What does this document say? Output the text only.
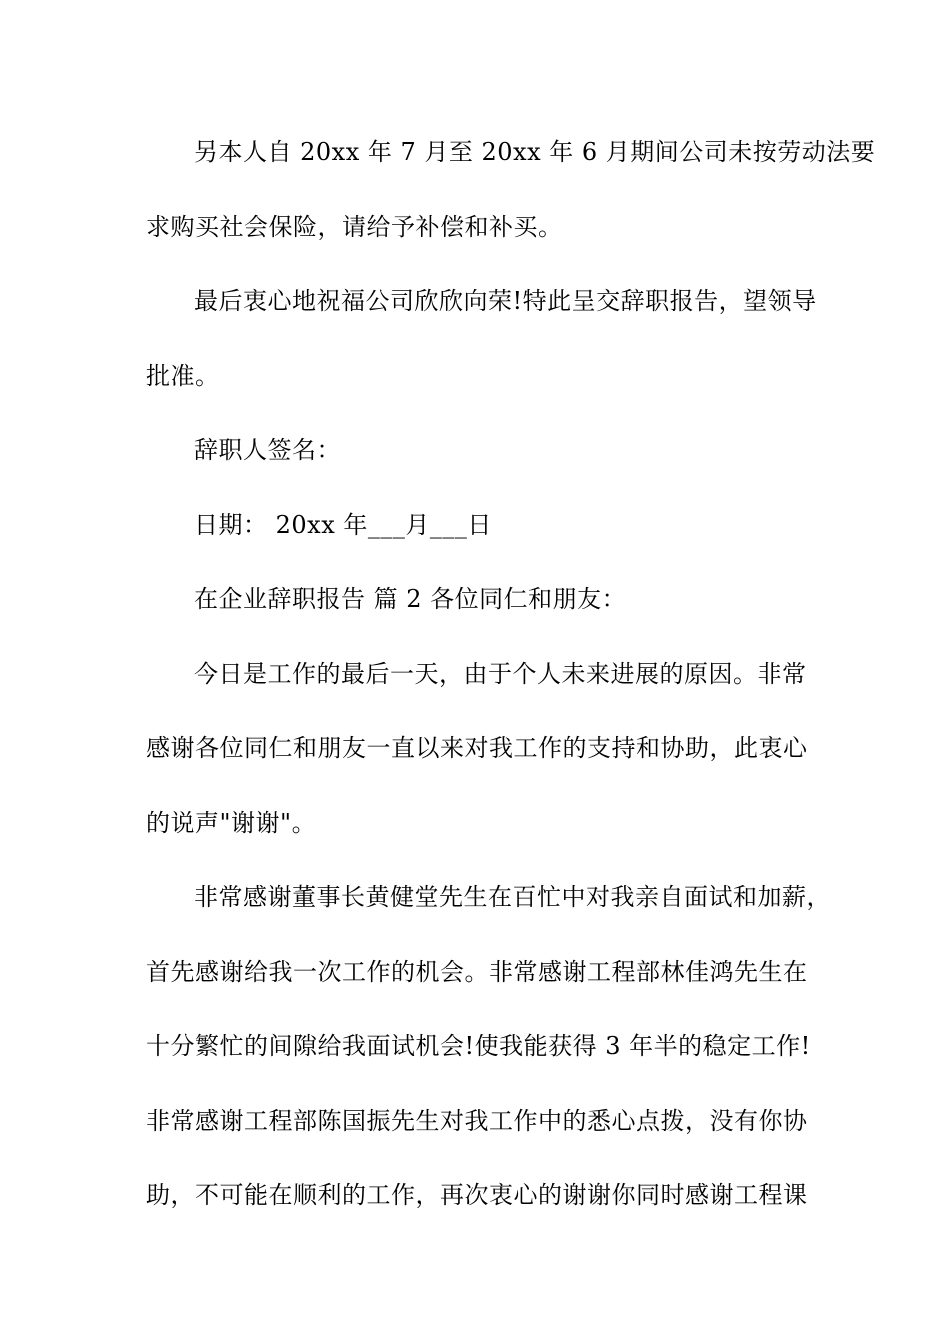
另本人自 20xx 年 7 月至 20xx 年 6 月期间公司未按劳动法要
求购买社会保险，请给予补偿和补买。
最后衷心地祝福公司欣欣向荣!特此呈交辞职报告，望领导
批准。
辞职人签名：
日期： 20xx 年___月___日
在企业辞职报告 篇 2 各位同仁和朋友：
今日是工作的最后一天，由于个人未来进展的原因。非常
感谢各位同仁和朋友一直以来对我工作的支持和协助，此衷心
的说声"谢谢"。
非常感谢董事长黄健堂先生在百忙中对我亲自面试和加薪，
首先感谢给我一次工作的机会。非常感谢工程部林佳鸿先生在
十分繁忙的间隙给我面试机会!使我能获得 3 年半的稳定工作!
非常感谢工程部陈国振先生对我工作中的悉心点拨，没有你协
助，不可能在顺利的工作，再次衷心的谢谢你同时感谢工程课
